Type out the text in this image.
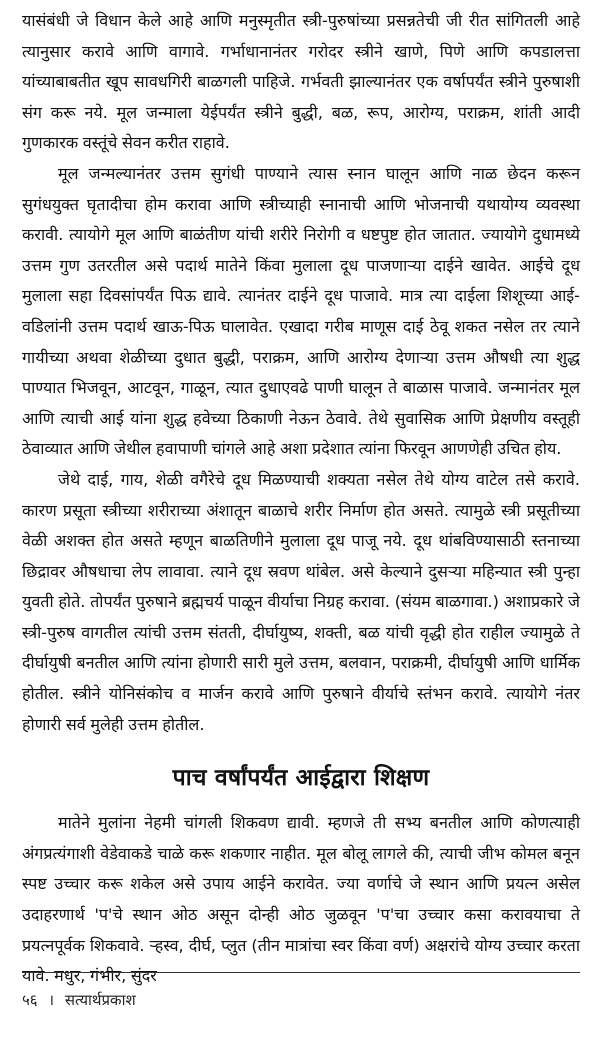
यासंबंधी जे विधान केले आहे आणि मनुस्मृतीत स्त्री-पुरुषांच्या प्रसन्नतेची जी रीत सांगितली आहे त्यानुसार करावे आणि वागावे. गर्भाधानानंतर गरोदर स्त्रीने खाणे, पिणे आणि कपडालत्ता यांच्याबाबतीत खूप सावधगिरी बाळगली पाहिजे. गर्भवती झाल्यानंतर एक वर्षापर्यंत स्त्रीने पुरुषाशी संग करू नये. मूल जन्माला येईपर्यंत स्त्रीने बुद्धी, बळ, रूप, आरोग्य, पराक्रम, शांती आदी गुणकारक वस्तूंचे सेवन करीत राहावे.

मूल जन्मल्यानंतर उत्तम सुगंधी पाण्याने त्यास स्नान घालून आणि नाळ छेदन करून सुगंधयुक्त घृतादीचा होम करावा आणि स्त्रीच्याही स्नानाची आणि भोजनाची यथायोग्य व्यवस्था करावी. त्यायोगे मूल आणि बाळंतीण यांची शरीरे निरोगी व धष्टपुष्ट होत जातात. ज्यायोगे दुधामध्ये उत्तम गुण उतरतील असे पदार्थ मातेने किंवा मुलाला दूध पाजणाऱ्या दाईने खावेत. आईचे दूध मुलाला सहा दिवसांपर्यंत पिऊ द्यावे. त्यानंतर दाईने दूध पाजावे. मात्र त्या दाईला शिशूच्या आई-वडिलांनी उत्तम पदार्थ खाऊ-पिऊ घालावेत. एखादा गरीब माणूस दाई ठेवू शकत नसेल तर त्याने गायीच्या अथवा शेळीच्या दुधात बुद्धी, पराक्रम, आणि आरोग्य देणाऱ्या उत्तम औषधी त्या शुद्ध पाण्यात भिजवून, आटवून, गाळून, त्यात दुधाएवढे पाणी घालून ते बाळास पाजावे. जन्मानंतर मूल आणि त्याची आई यांना शुद्ध हवेच्या ठिकाणी नेऊन ठेवावे. तेथे सुवासिक आणि प्रेक्षणीय वस्तूही ठेवाव्यात आणि जेथील हवापाणी चांगले आहे अशा प्रदेशात त्यांना फिरवून आणणेही उचित होय.

जेथे दाई, गाय, शेळी वगैरेचे दूध मिळण्याची शक्यता नसेल तेथे योग्य वाटेल तसे करावे. कारण प्रसूता स्त्रीच्या शरीराच्या अंशातून बाळाचे शरीर निर्माण होत असते. त्यामुळे स्त्री प्रसूतीच्या वेळी अशक्त होत असते म्हणून बाळतिणीने मुलाला दूध पाजू नये. दूध थांबविण्यासाठी स्तनाच्या छिद्रावर औषधाचा लेप लावावा. त्याने दूध स्रवण थांबेल. असे केल्याने दुसऱ्या महिन्यात स्त्री पुन्हा युवती होते. तोपर्यंत पुरुषाने ब्रह्मचर्य पाळून वीर्याचा निग्रह करावा. (संयम बाळगावा.) अशाप्रकारे जे स्त्री-पुरुष वागतील त्यांची उत्तम संतती, दीर्घायुष्य, शक्ती, बळ यांची वृद्धी होत राहील ज्यामुळे ते दीर्घायुषी बनतील आणि त्यांना होणारी सारी मुले उत्तम, बलवान, पराक्रमी, दीर्घायुषी आणि धार्मिक होतील. स्त्रीने योनिसंकोच व मार्जन करावे आणि पुरुषाने वीर्याचे स्तंभन करावे. त्यायोगे नंतर होणारी सर्व मुलेही उत्तम होतील.

पाच वर्षांपर्यंत आईद्वारा शिक्षण

मातेने मुलांना नेहमी चांगली शिकवण द्यावी. म्हणजे ती सभ्य बनतील आणि कोणत्याही अंगप्रत्यंगाशी वेडेवाकडे चाळे करू शकणार नाहीत. मूल बोलू लागले की, त्याची जीभ कोमल बनून स्पष्ट उच्चार करू शकेल असे उपाय आईने करावेत. ज्या वर्णाचे जे स्थान आणि प्रयत्न असेल उदाहरणार्थ 'प'चे स्थान ओठ असून दोन्ही ओठ जुळवून 'प'चा उच्चार कसा करावयाचा ते प्रयत्नपूर्वक शिकवावे. ऱ्हस्व, दीर्घ, प्लुत (तीन मात्रांचा स्वर किंवा वर्ण) अक्षरांचे योग्य उच्चार करता यावे. मधुर, गंभीर, सुंदर

५६ । सत्यार्थप्रकाश
